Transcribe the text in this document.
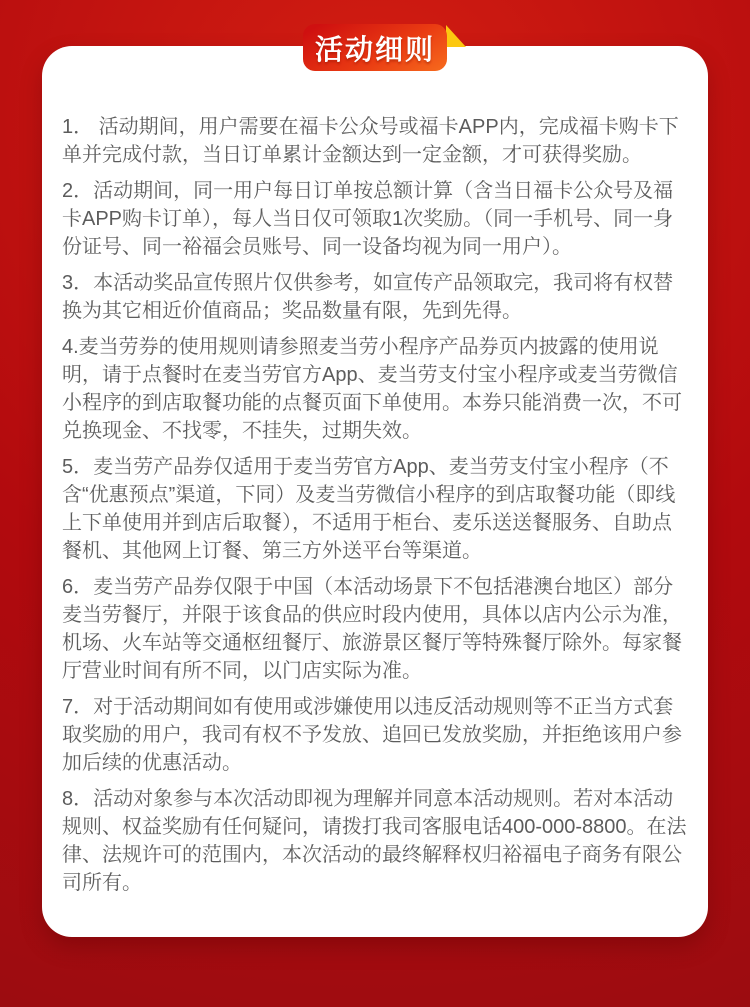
活动细则

1． 活动期间，用户需要在福卡公众号或福卡APP内，完成福卡购卡下单并完成付款，当日订单累计金额达到一定金额，才可获得奖励。

2．活动期间，同一用户每日订单按总额计算（含当日福卡公众号及福卡APP购卡订单），每人当日仅可领取1次奖励。（同一手机号、同一身份证号、同一裕福会员账号、同一设备均视为同一用户）。

3．本活动奖品宣传照片仅供参考，如宣传产品领取完，我司将有权替换为其它相近价值商品；奖品数量有限，先到先得。

4.麦当劳券的使用规则请参照麦当劳小程序产品券页内披露的使用说明，请于点餐时在麦当劳官方App、麦当劳支付宝小程序或麦当劳微信小程序的到店取餐功能的点餐页面下单使用。本券只能消费一次，不可兑换现金、不找零，不挂失，过期失效。

5．麦当劳产品券仅适用于麦当劳官方App、麦当劳支付宝小程序（不含“优惠预点”渠道，下同）及麦当劳微信小程序的到店取餐功能（即线上下单使用并到店后取餐），不适用于柜台、麦乐送送餐服务、自助点餐机、其他网上订餐、第三方外送平台等渠道。

6．麦当劳产品券仅限于中国（本活动场景下不包括港澳台地区）部分麦当劳餐厅，并限于该食品的供应时段内使用，具体以店内公示为准，机场、火车站等交通枢纽餐厅、旅游景区餐厅等特殊餐厅除外。每家餐厅营业时间有所不同，以门店实际为准。

7．对于活动期间如有使用或涉嫌使用以违反活动规则等不正当方式套取奖励的用户，我司有权不予发放、追回已发放奖励，并拒绝该用户参加后续的优惠活动。

8．活动对象参与本次活动即视为理解并同意本活动规则。若对本活动规则、权益奖励有任何疑问，请拨打我司客服电话400-000-8800。在法律、法规许可的范围内，本次活动的最终解释权归裕福电子商务有限公司所有。
